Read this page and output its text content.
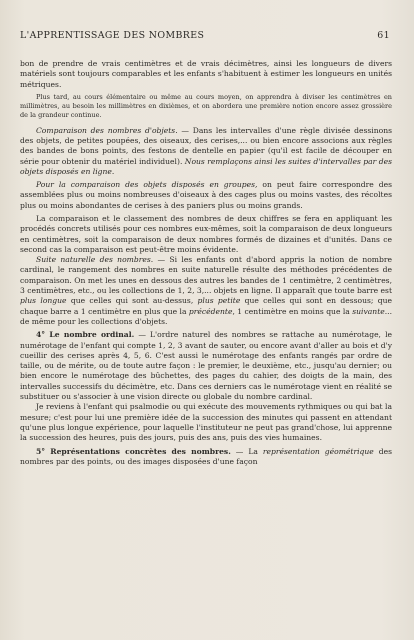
L'APPRENTISSAGE DES NOMBRES	61

bon de prendre de vrais centimètres et de vrais décimètres, ainsi les longueurs de divers matériels sont toujours comparables et les enfants s'habituent à estimer les longueurs en unités métriques.

Plus tard, au cours élémentaire ou même au cours moyen, on apprendra à diviser les centimètres en millimètres, au besoin les millimètres en dixièmes, et on abordera une première notion encore assez grossière de la grandeur continue.

Comparaison des nombres d'objets. — Dans les intervalles d'une règle divisée dessinons des objets, de petites poupées, des oiseaux, des cerises,... ou bien encore associons aux règles des bandes de bons points, des festons de dentelle en papier (qu'il est facile de découper en série pour obtenir du matériel individuel). Nous remplaçons ainsi les suites d'intervalles par des objets disposés en ligne.

Pour la comparaison des objets disposés en groupes, on peut faire correspondre des assemblées plus ou moins nombreuses d'oiseaux à des cages plus ou moins vastes, des récoltes plus ou moins abondantes de cerises à des paniers plus ou moins grands.

La comparaison et le classement des nombres de deux chiffres se fera en appliquant les procédés concrets utilisés pour ces nombres eux-mêmes, soit la comparaison de deux longueurs en centimètres, soit la comparaison de deux nombres formés de dizaines et d'unités. Dans ce second cas la comparaison est peut-être moins évidente.

Suite naturelle des nombres. — Si les enfants ont d'abord appris la notion de nombre cardinal, le rangement des nombres en suite naturelle résulte des méthodes précédentes de comparaison. On met les unes en dessous des autres les bandes de 1 centimètre, 2 centimètres, 3 centimètres, etc., ou les collections de 1, 2, 3,... objets en ligne. Il apparaît que toute barre est plus longue que celles qui sont au-dessus, plus petite que celles qui sont en dessous; que chaque barre a 1 centimètre en plus que la précédente, 1 centimètre en moins que la suivante... de même pour les collections d'objets.

4° Le nombre ordinal. — L'ordre naturel des nombres se rattache au numérotage, le numérotage de l'enfant qui compte 1, 2, 3 avant de sauter, ou encore avant d'aller au bois et d'y cueillir des cerises après 4, 5, 6. C'est aussi le numérotage des enfants rangés par ordre de taille, ou de mérite, ou de toute autre façon : le premier, le deuxième, etc., jusqu'au dernier; ou bien encore le numérotage des bûchettes, des pages du cahier, des doigts de la main, des intervalles successifs du décimètre, etc. Dans ces derniers cas le numérotage vient en réalité se substituer ou s'associer à une vision directe ou globale du nombre cardinal.

Je reviens à l'enfant qui psalmodie ou qui exécute des mouvements rythmiques ou qui bat la mesure; c'est pour lui une première idée de la succession des minutes qui passent en attendant qu'une plus longue expérience, pour laquelle l'instituteur ne peut pas grand'chose, lui apprenne la succession des heures, puis des jours, puis des ans, puis des vies humaines.

5° Représentations concrètes des nombres. — La représentation géométrique des nombres par des points, ou des images disposées d'une façon
